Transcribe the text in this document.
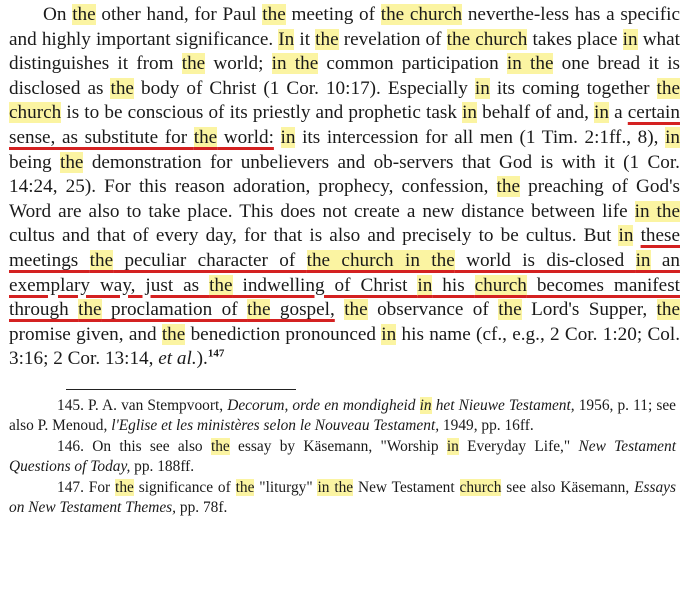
On the other hand, for Paul the meeting of the church neverthe-less has a specific and highly important significance. In it the revelation of the church takes place in what distinguishes it from the world; in the common participation in the one bread it is disclosed as the body of Christ (1 Cor. 10:17). Especially in its coming together the church is to be conscious of its priestly and prophetic task in behalf of and, in a certain sense, as substitute for the world: in its intercession for all men (1 Tim. 2:1ff., 8), in being the demonstration for unbelievers and ob-servers that God is with it (1 Cor. 14:24, 25). For this reason adoration, prophecy, confession, the preaching of God's Word are also to take place. This does not create a new distance between life in the cultus and that of every day, for that is also and precisely to be cultus. But in these meetings the peculiar character of the church in the world is dis-closed in an exemplary way, just as the indwelling of Christ in his church becomes manifest through the proclamation of the gospel, the observance of the Lord's Supper, the promise given, and the benediction pronounced in his name (cf., e.g., 2 Cor. 1:20; Col. 3:16; 2 Cor. 13:14, et al.).$^{147}$

145. P. A. van Stempvoort, Decorum, orde en mondigheid in het Nieuwe Testament, 1956, p. 11; see also P. Menoud, l'Eglise et les ministères selon le Nouveau Testament, 1949, pp. 16ff.

146. On this see also the essay by Käsemann, "Worship in Everyday Life," New Testament Questions of Today, pp. 188ff.

147. For the significance of the "liturgy" in the New Testament church see also Käsemann, Essays on New Testament Themes, pp. 78f.
